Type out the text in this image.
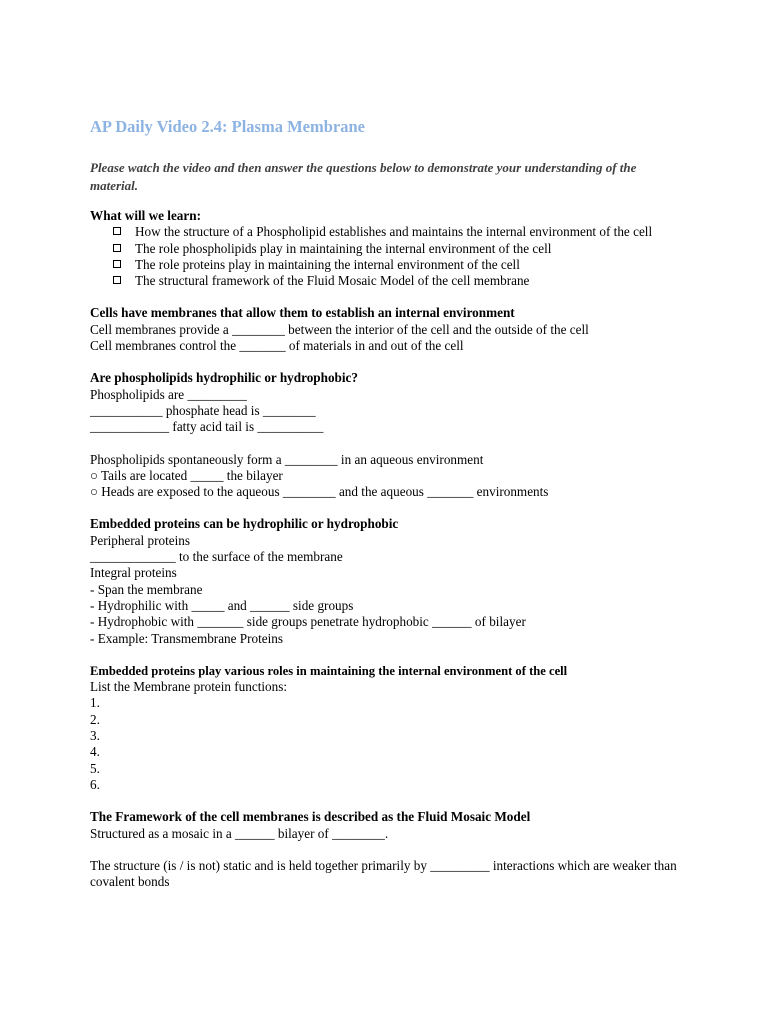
AP Daily Video 2.4: Plasma Membrane
Please watch the video and then answer the questions below to demonstrate your understanding of the material.
What will we learn:
How the structure of a Phospholipid establishes and maintains the internal environment of the cell
The role phospholipids play in maintaining the internal environment of the cell
The role proteins play in maintaining the internal environment of the cell
The structural framework of the Fluid Mosaic Model of the cell membrane
Cells have membranes that allow them to establish an internal environment
Cell membranes provide a ________ between the interior of the cell and the outside of the cell
Cell membranes control the _______ of materials in and out of the cell
Are phospholipids hydrophilic or hydrophobic?
Phospholipids are _________
___________ phosphate head is ________
____________ fatty acid tail is __________
Phospholipids spontaneously form a ________ in an aqueous environment
○ Tails are located _____ the bilayer
○ Heads are exposed to the aqueous ________ and the aqueous _______ environments
Embedded proteins can be hydrophilic or hydrophobic
Peripheral proteins
_____________ to the surface of the membrane
Integral proteins
- Span the membrane
- Hydrophilic with _____ and ______ side groups
- Hydrophobic with _______ side groups penetrate hydrophobic ______ of bilayer
- Example: Transmembrane Proteins
Embedded proteins play various roles in maintaining the internal environment of the cell
List the Membrane protein functions:
1.
2.
3.
4.
5.
6.
The Framework of the cell membranes is described as the Fluid Mosaic Model
Structured as a mosaic in a ______ bilayer of ________.
The structure (is / is not) static and is held together primarily by _________ interactions which are weaker than covalent bonds
